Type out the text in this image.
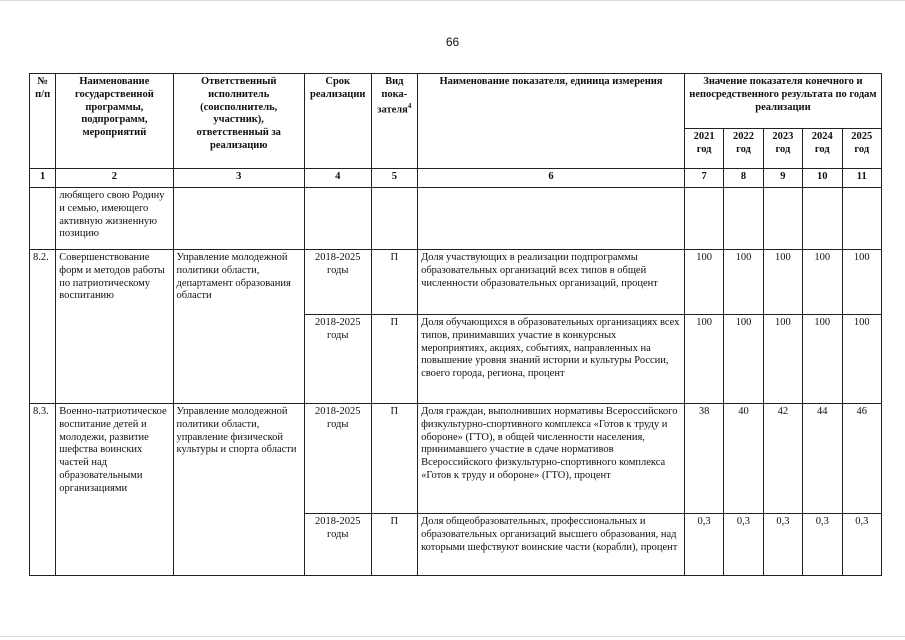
66
№ п/п	Наименование государственной программы, подпрограмм, мероприятий	Ответственный исполнитель (соисполнитель, участник), ответственный за реализацию	Срок реализации	Вид пока-зателя$^4$	Наименование показателя, единица измерения	Значение показателя конечного и непосредственного результата по годам реализации				
						2021 год	2022 год	2023 год	2024 год	2025 год
1	2	3	4	5	6	7	8	9	10	11
	любящего свою Родину и семью, имеющего активную жизненную позицию									
8.2.	Совершенствование форм и методов работы по патриотическому воспитанию	Управление молодежной политики области, департамент образования области	2018-2025 годы	П	Доля участвующих в реализации подпрограммы образовательных организаций всех типов в общей численности образовательных организаций, процент	100	100	100	100	100
			2018-2025 годы	П	Доля обучающихся в образовательных организациях всех типов, принимавших участие в конкурсных мероприятиях, акциях, событиях, направленных на повышение уровня знаний истории и культуры России, своего города, региона, процент	100	100	100	100	100
8.3.	Военно-патриотическое воспитание детей и молодежи, развитие шефства воинских частей над образовательными организациями	Управление молодежной политики области, управление физической культуры и спорта области	2018-2025 годы	П	Доля граждан, выполнивших нормативы Всероссийского физкультурно-спортивного комплекса «Готов к труду и обороне» (ГТО), в общей численности населения, принимавшего участие в сдаче нормативов Всероссийского физкультурно-спортивного комплекса «Готов к труду и обороне» (ГТО), процент	38	40	42	44	46
			2018-2025 годы	П	Доля общеобразовательных, профессиональных и образовательных организаций высшего образования, над которыми шефствуют воинские части (корабли), процент	0,3	0,3	0,3	0,3	0,3
